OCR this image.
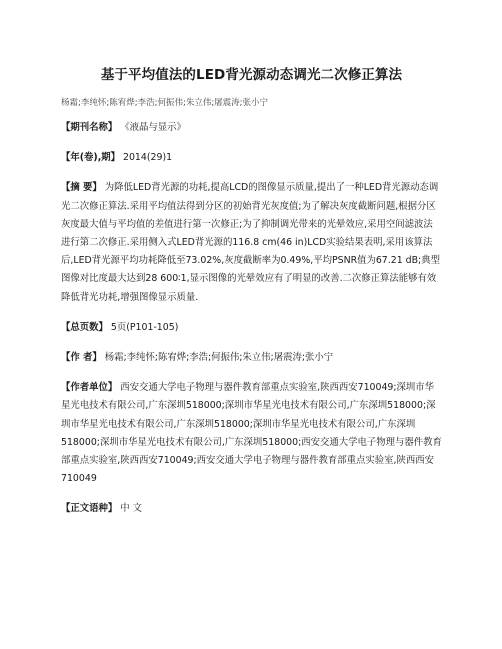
基于平均值法的LED背光源动态调光二次修正算法
杨霜;李纯怀;陈宥烨;李浩;何振伟;朱立伟;屠震涛;张小宁
【期刊名称】 《液晶与显示》
【年(卷),期】 2014(29)1
【摘 要】 为降低LED背光源的功耗,提高LCD的图像显示质量,提出了一种LED背光源动态调光二次修正算法.采用平均值法得到分区的初始背光灰度值;为了解决灰度截断问题,根据分区灰度最大值与平均值的差值进行第一次修正;为了抑制调光带来的光晕效应,采用空间滤波法进行第二次修正.采用侧入式LED背光源的116.8 cm(46 in)LCD实验结果表明,采用该算法后,LED背光源平均功耗降低至73.02%,灰度截断率为0.49%,平均PSNR值为67.21 dB;典型图像对比度最大达到28 600∶1,显示图像的光晕效应有了明显的改善.二次修正算法能够有效降低背光功耗,增强图像显示质量.
【总页数】 5页(P101-105)
【作 者】 杨霜;李纯怀;陈宥烨;李浩;何振伟;朱立伟;屠震涛;张小宁
【作者单位】 西安交通大学电子物理与器件教育部重点实验室,陕西西安710049;深圳市华星光电技术有限公司,广东深圳518000;深圳市华星光电技术有限公司,广东深圳518000;深圳市华星光电技术有限公司,广东深圳518000;深圳市华星光电技术有限公司,广东深圳518000;深圳市华星光电技术有限公司,广东深圳518000;西安交通大学电子物理与器件教育部重点实验室,陕西西安710049;西安交通大学电子物理与器件教育部重点实验室,陕西西安710049
【正文语种】 中 文
